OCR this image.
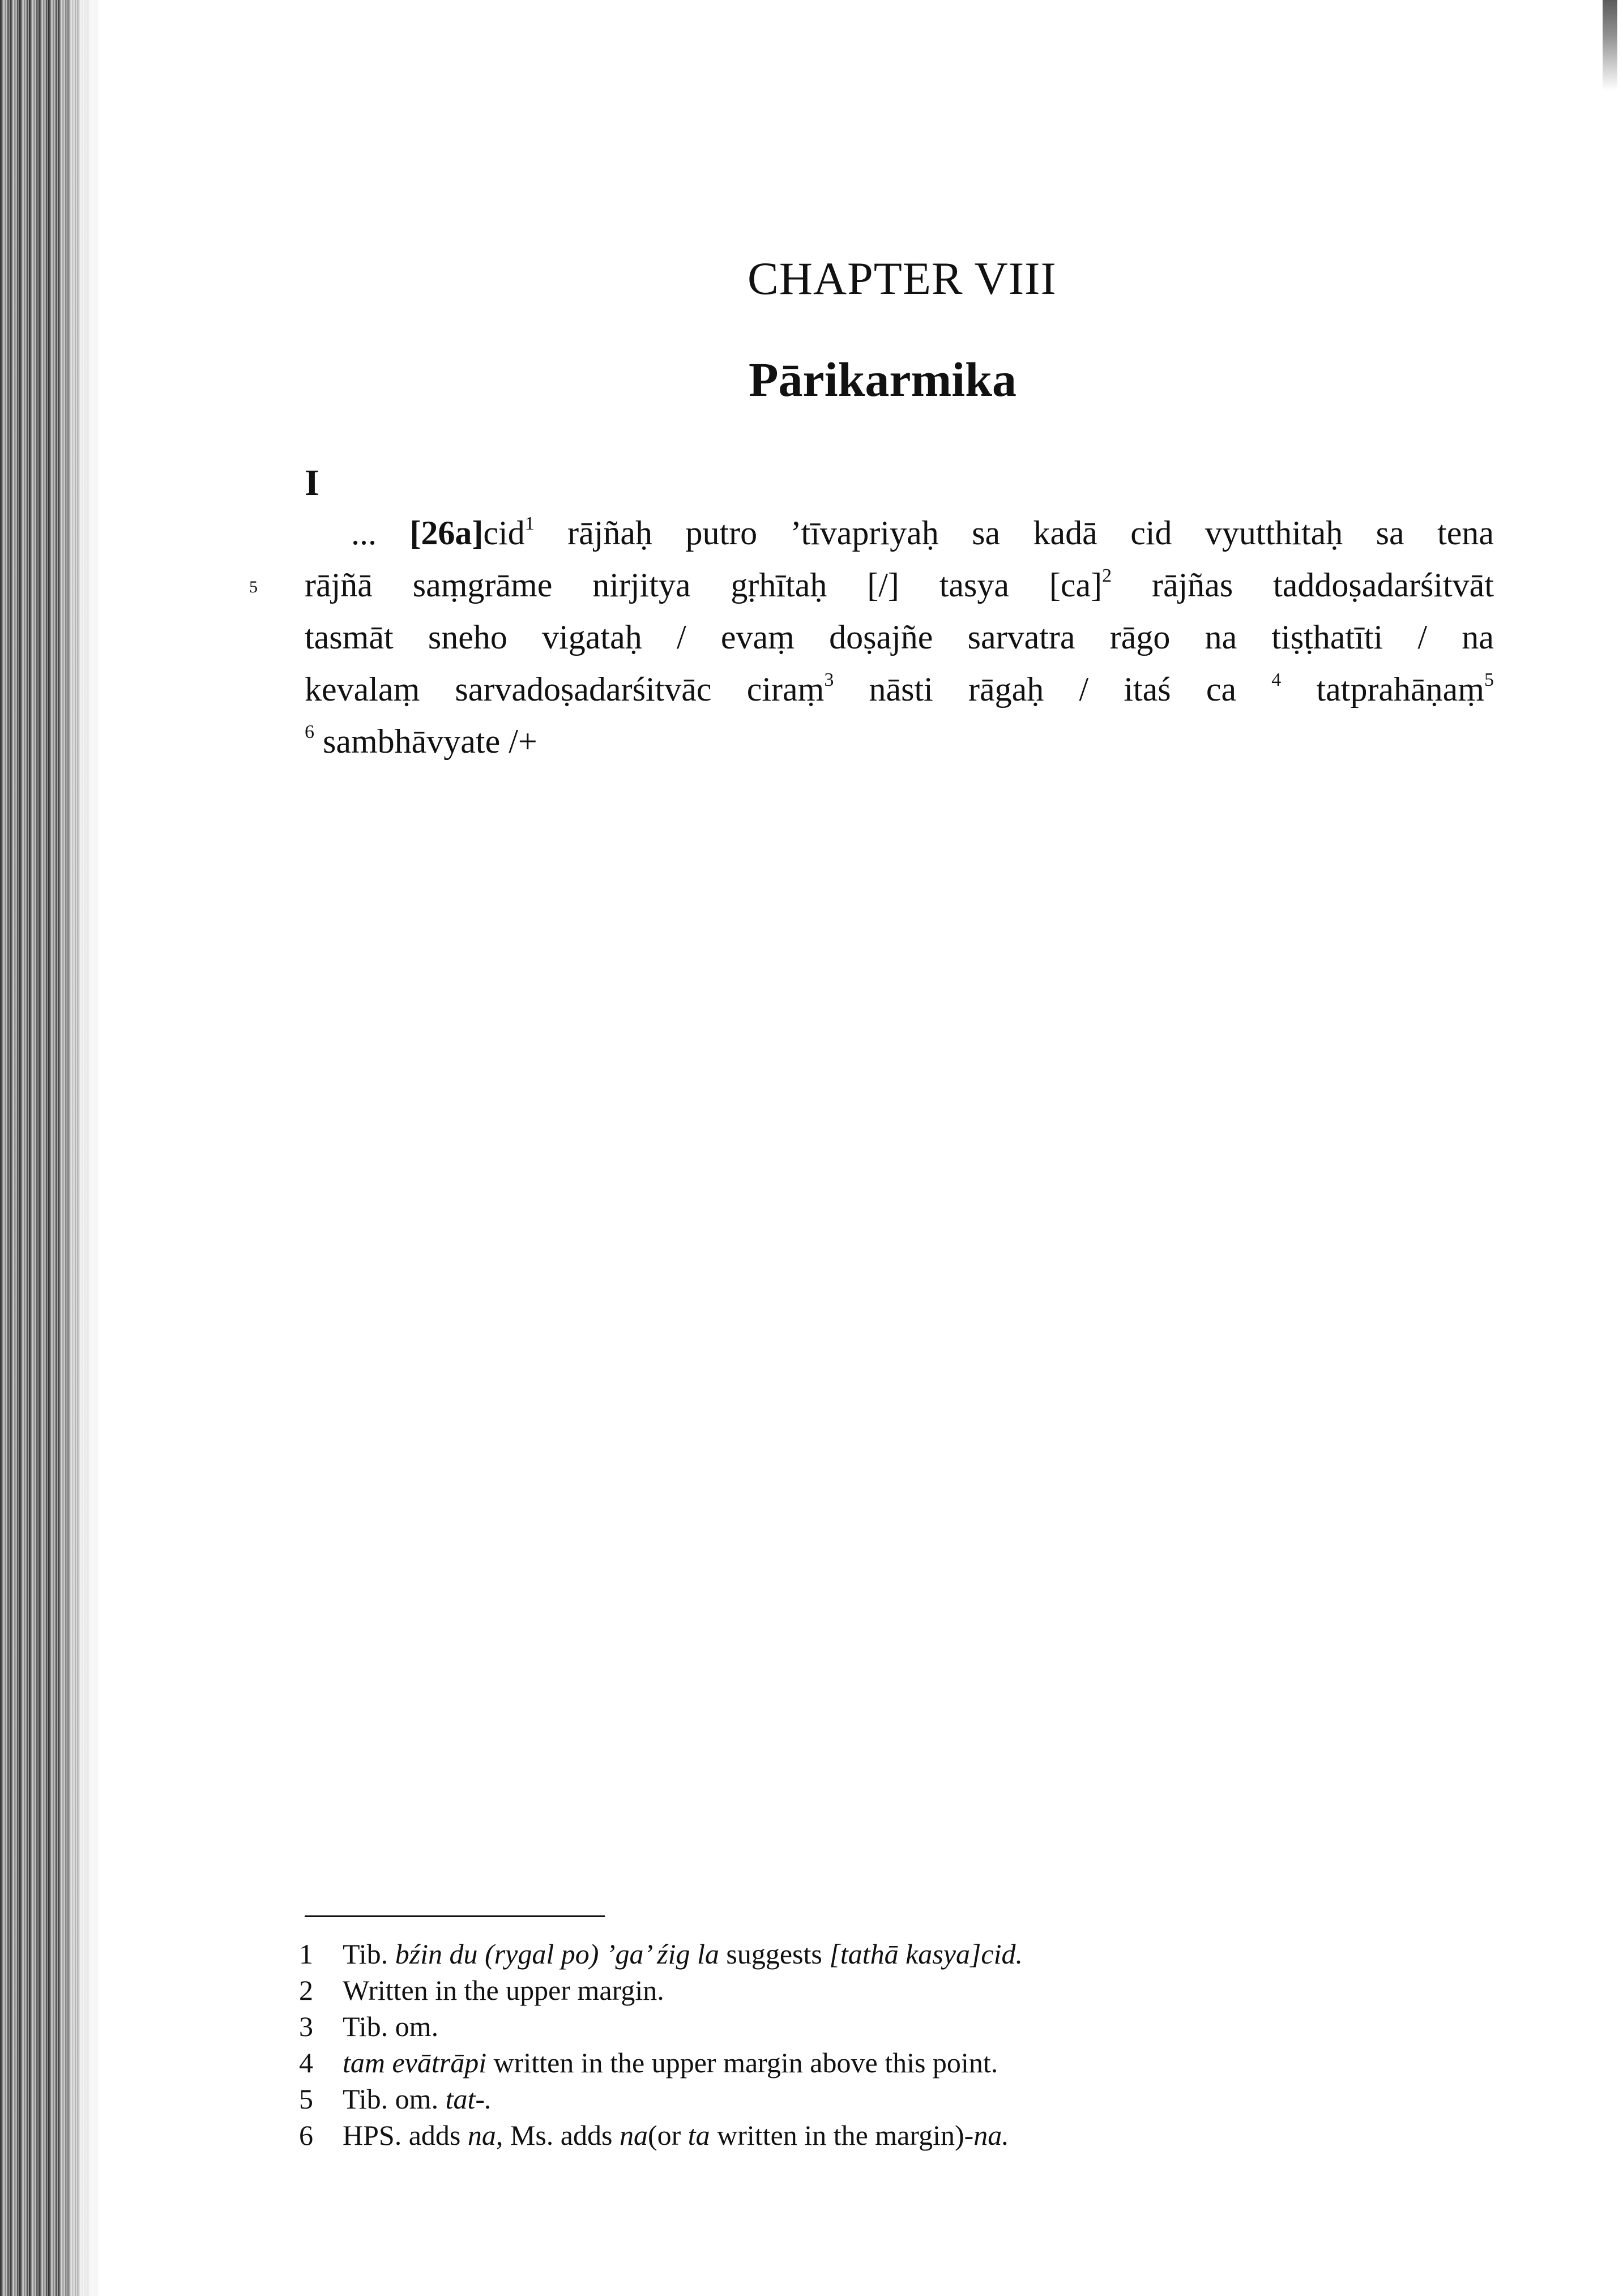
CHAPTER VIII
Pārikarmika
I
... [26a]cid$^1$ rājñaḥ putro ’tīvapriyaḥ sa kadā cid vyutthitaḥ sa tena
5 rājñā saṃgrāme nirjitya gṛhītaḥ [/] tasya [ca]$^2$ rājñas taddoṣadarśitvāt
tasmāt sneho vigataḥ / evaṃ doṣajñe sarvatra rāgo na tiṣṭhatīti / na
kevalaṃ sarvadoṣadarśitvāc ciraṃ$^3$ nāsti rāgaḥ / itaś ca $^4$ tatprahāṇaṃ$^5$
$^6$ sambhāvyate /+
1 Tib. bźin du (rygal po) ’ga’ źig la suggests [tathā kasya]cid.
2 Written in the upper margin.
3 Tib. om.
4 tam evātrāpi written in the upper margin above this point.
5 Tib. om. tat-.
6 HPS. adds na, Ms. adds na(or ta written in the margin)-na.
